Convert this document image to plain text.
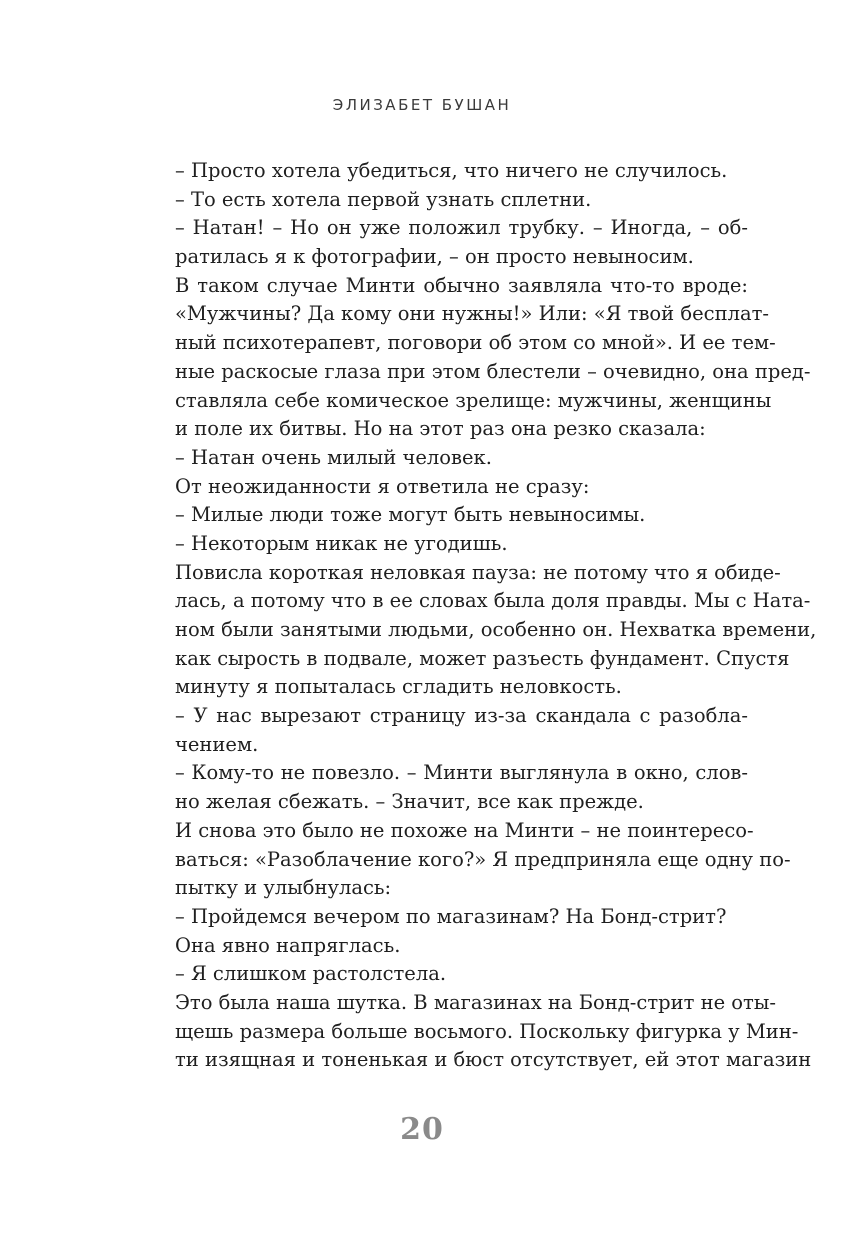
ЭЛИЗАБЕТ БУШАН
– Просто хотела убедиться, что ничего не случилось.
– То есть хотела первой узнать сплетни.
– Натан! – Но он уже положил трубку. – Иногда, – об-
ратилась я к фотографии, – он просто невыносим.
В таком случае Минти обычно заявляла что-то вроде:
«Мужчины? Да кому они нужны!» Или: «Я твой бесплат-
ный психотерапевт, поговори об этом со мной». И ее тем-
ные раскосые глаза при этом блестели – очевидно, она пред-
ставляла себе комическое зрелище: мужчины, женщины
и поле их битвы. Но на этот раз она резко сказала:
– Натан очень милый человек.
От неожиданности я ответила не сразу:
– Милые люди тоже могут быть невыносимы.
– Некоторым никак не угодишь.
Повисла короткая неловкая пауза: не потому что я обиде-
лась, а потому что в ее словах была доля правды. Мы с Ната-
ном были занятыми людьми, особенно он. Нехватка времени,
как сырость в подвале, может разъесть фундамент. Спустя
минуту я попыталась сгладить неловкость.
– У нас вырезают страницу из-за скандала с разобла-
чением.
– Кому-то не повезло. – Минти выглянула в окно, слов-
но желая сбежать. – Значит, все как прежде.
И снова это было не похоже на Минти – не поинтересо-
ваться: «Разоблачение кого?» Я предприняла еще одну по-
пытку и улыбнулась:
– Пройдемся вечером по магазинам? На Бонд-стрит?
Она явно напряглась.
– Я слишком растолстела.
Это была наша шутка. В магазинах на Бонд-стрит не оты-
щешь размера больше восьмого. Поскольку фигурка у Мин-
ти изящная и тоненькая и бюст отсутствует, ей этот магазин
20
